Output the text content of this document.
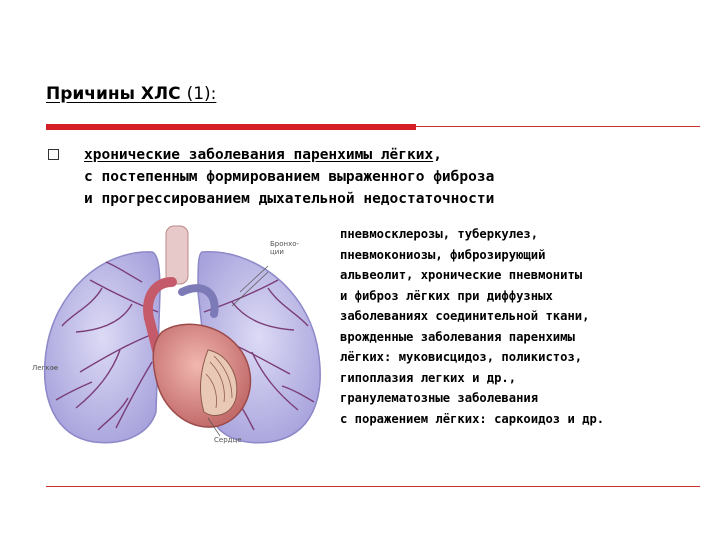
Причины ХЛС (1):
хронические заболевания паренхимы лёгких,
с постепенным формированием выраженного фиброза
и прогрессированием дыхательной недостаточности
пневмосклерозы, туберкулез,
пневмокониозы, фиброзирующий
альвеолит, хронические пневмониты
и фиброз лёгких при диффузных
заболеваниях соединительной ткани,
врожденные заболевания паренхимы
лёгких: муковисцидоз, поликистоз,
гипоплазия легких и др.,
гранулематозные заболевания
с поражением лёгких: саркоидоз и др.
Бронхо-
ции
Легкое
Сердце
